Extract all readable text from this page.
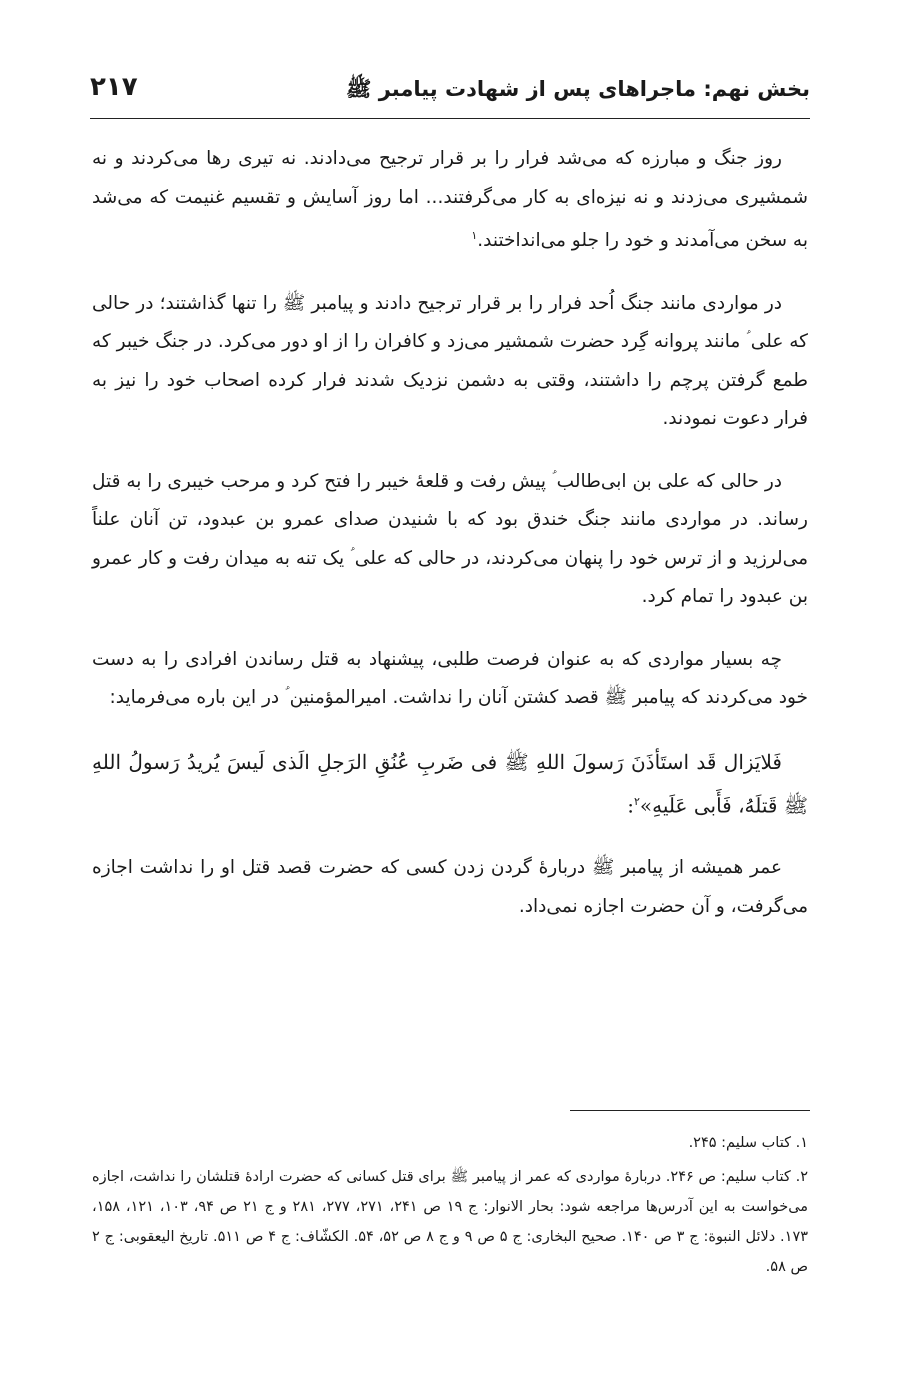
بخش نهم: ماجراهای پس از شهادت پیامبر ﷺ
۲۱۷

روز جنگ و مبارزه که می‌شد فرار را بر قرار ترجیح می‌دادند. نه تیری رها می‌کردند و نه شمشیری می‌زدند و نه نیزه‌ای به کار می‌گرفتند... اما روز آسایش و تقسیم غنیمت که می‌شد به سخن می‌آمدند و خود را جلو می‌انداختند.$^۱$

در مواردی مانند جنگ اُحد فرار را بر قرار ترجیح دادند و پیامبر ﷺ را تنها گذاشتند؛ در حالی که علی ؑ مانند پروانه گِرد حضرت شمشیر می‌زد و کافران را از او دور می‌کرد. در جنگ خیبر که طمع گرفتن پرچم را داشتند، وقتی به دشمن نزدیک شدند فرار کرده اصحاب خود را نیز به فرار دعوت نمودند.

در حالی که علی بن ابی‌طالب ؑ پیش رفت و قلعهٔ خیبر را فتح کرد و مرحب خیبری را به قتل رساند. در مواردی مانند جنگ خندق بود که با شنیدن صدای عمرو بن عبدود، تن آنان علناً می‌لرزید و از ترس خود را پنهان می‌کردند، در حالی که علی ؑ یک تنه به میدان رفت و کار عمرو بن عبدود را تمام کرد.

چه بسیار مواردی که به عنوان فرصت طلبی، پیشنهاد به قتل رساندن افرادی را به دست خود می‌کردند که پیامبر ﷺ قصد کشتن آنان را نداشت. امیرالمؤمنین ؑ در این باره می‌فرماید:

فَلایَزال قَد استَأذَنَ رَسولَ اللهِ ﷺ فی ضَربِ عُنُقِ الرَجلِ الَذی لَیسَ یُریدُ رَسولُ اللهِ ﷺ قَتلَهُ، فَأَبی عَلَیهِ»$^۲$:

عمر همیشه از پیامبر ﷺ دربارهٔ گردن زدن کسی که حضرت قصد قتل او را نداشت اجازه می‌گرفت، و آن حضرت اجازه نمی‌داد.

۱. کتاب سلیم: ۲۴۵.

۲. کتاب سلیم: ص ۲۴۶. دربارهٔ مواردی که عمر از پیامبر ﷺ برای قتل کسانی که حضرت ارادهٔ قتلشان را نداشت، اجازه می‌خواست به این آدرس‌ها مراجعه شود: بحار الانوار: ج ۱۹ ص ۲۴۱، ۲۷۱، ۲۷۷، ۲۸۱ و ج ۲۱ ص ۹۴، ۱۰۳، ۱۲۱، ۱۵۸، ۱۷۳. دلائل النبوة: ج ۳ ص ۱۴۰. صحیح البخاری: ج ۵ ص ۹ و ج ۸ ص ۵۲، ۵۴. الکشّاف: ج ۴ ص ۵۱۱. تاریخ الیعقوبی: ج ۲ ص ۵۸.
